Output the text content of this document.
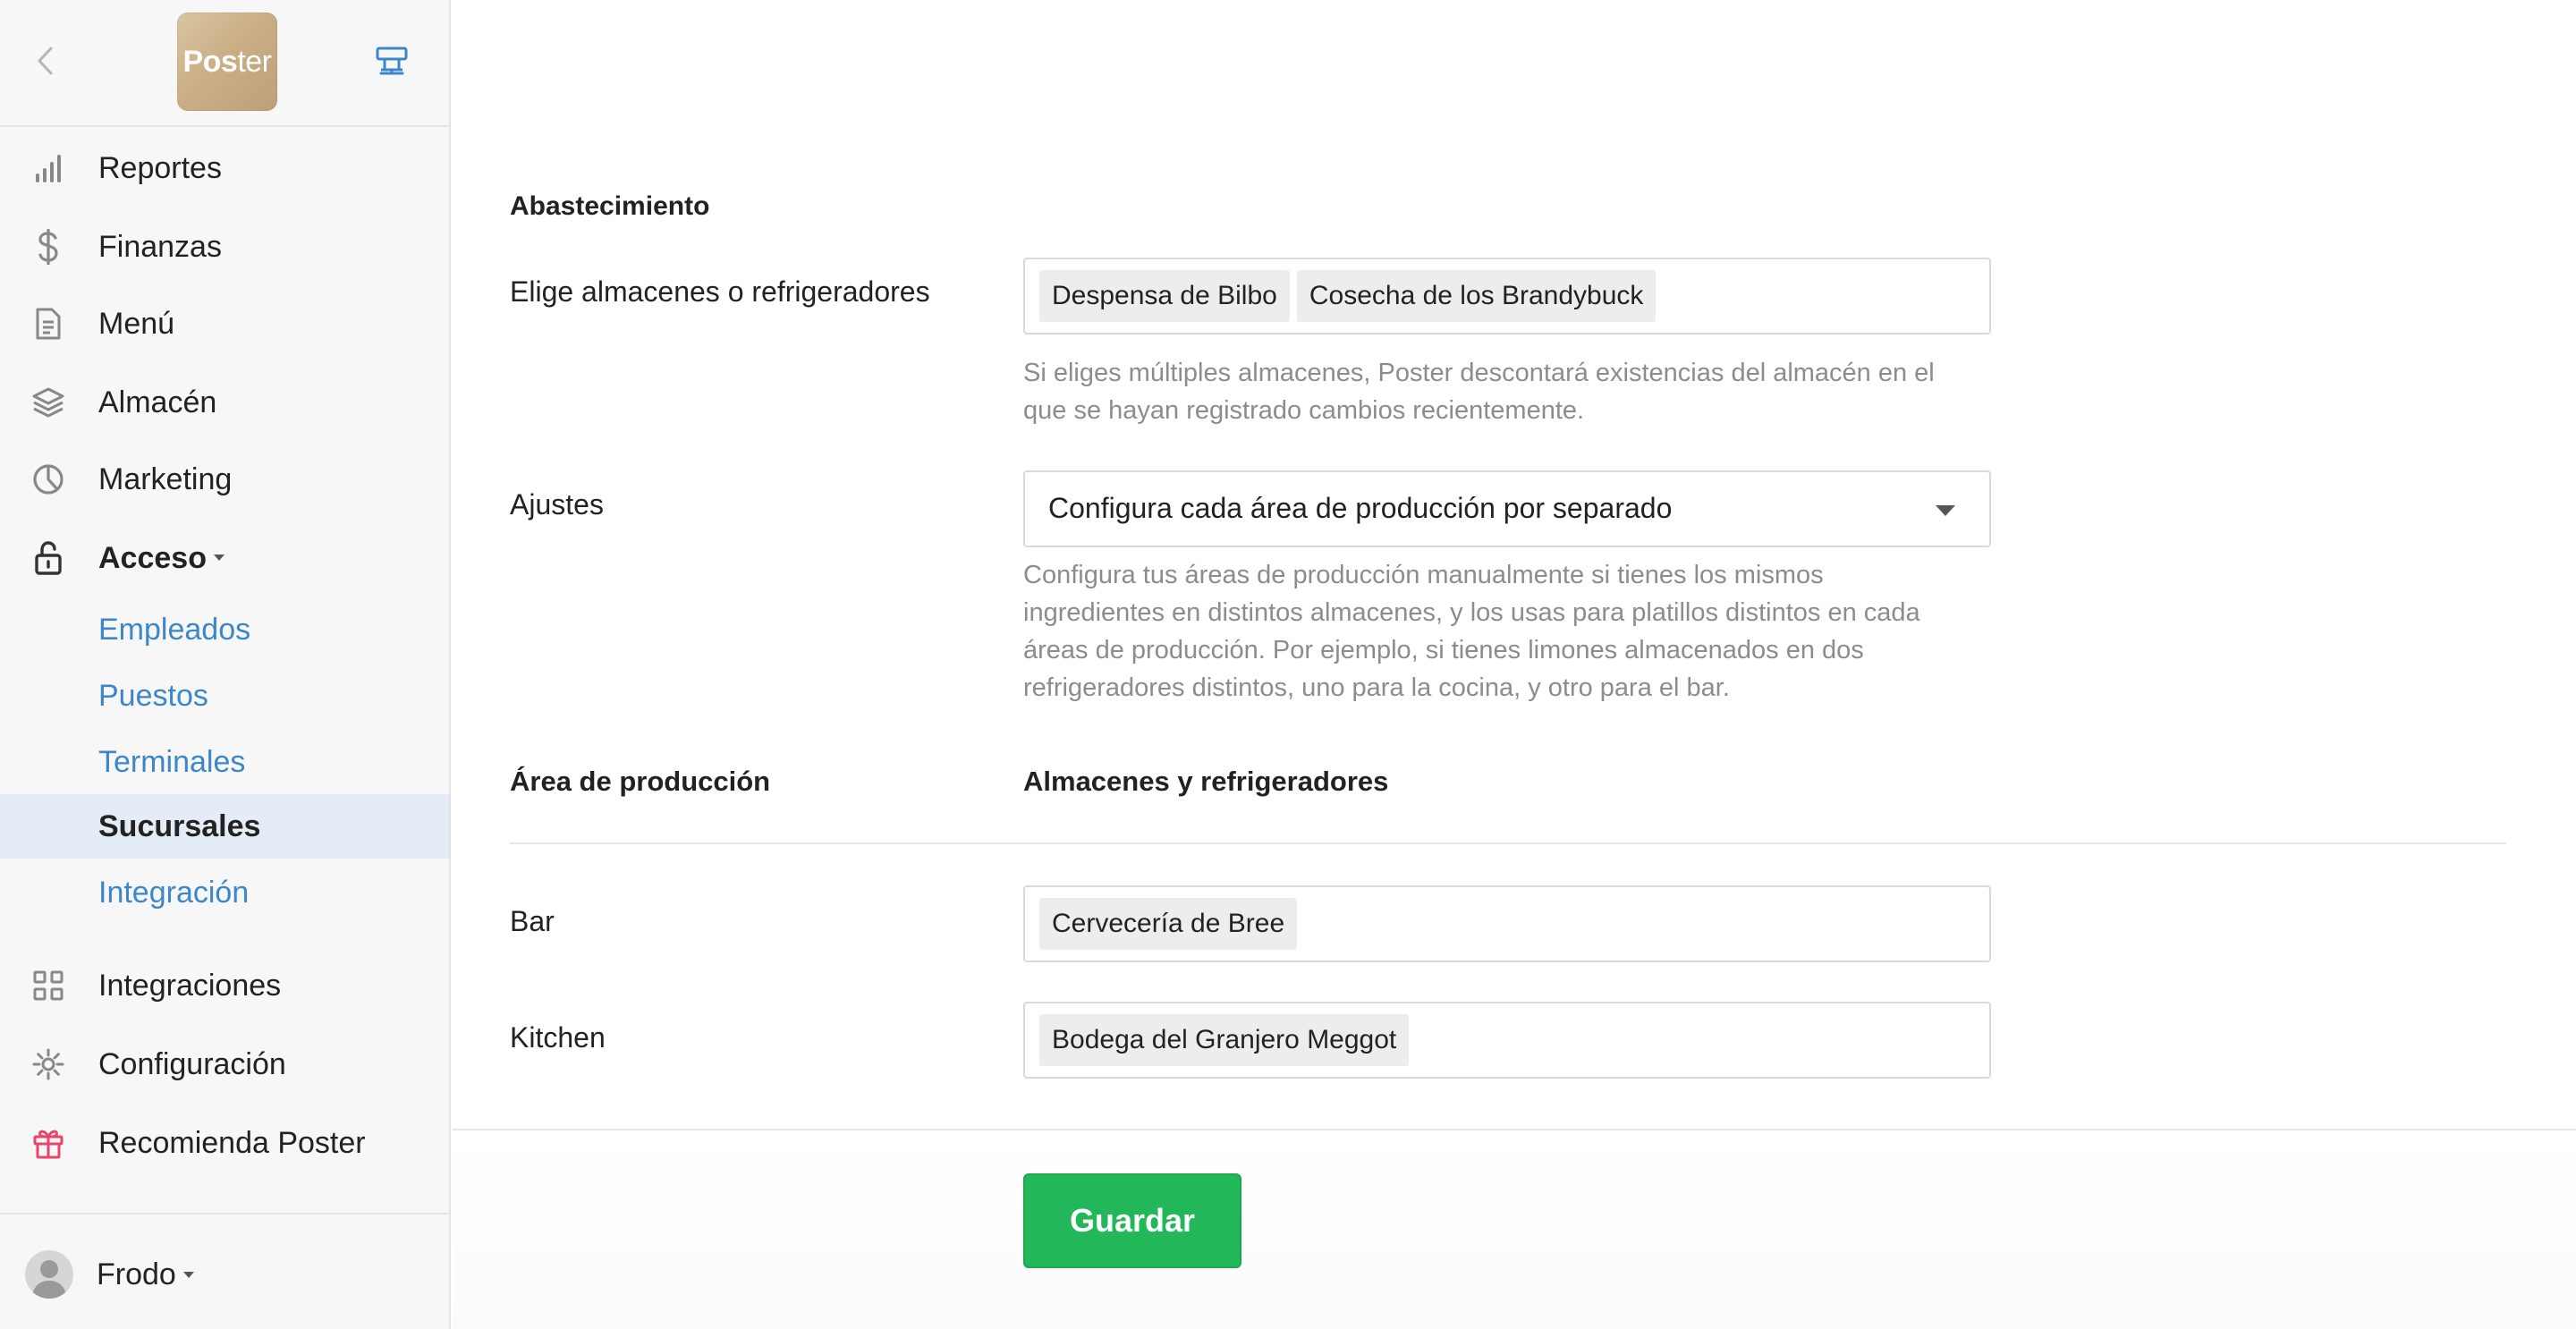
Poster
Reportes
Finanzas
Menú
Almacén
Marketing
Acceso
Empleados
Puestos
Terminales
Sucursales
Integración
Integraciones
Configuración
Recomienda Poster
Frodo
Abastecimiento
Elige almacenes o refrigeradores	Despensa de Bilbo	Cosecha de los Brandybuck
Si eliges múltiples almacenes, Poster descontará existencias del almacén en el
que se hayan registrado cambios recientemente.
Ajustes	Configura cada área de producción por separado
Configura tus áreas de producción manualmente si tienes los mismos
ingredientes en distintos almacenes, y los usas para platillos distintos en cada
áreas de producción. Por ejemplo, si tienes limones almacenados en dos
refrigeradores distintos, uno para la cocina, y otro para el bar.
Área de producción	Almacenes y refrigeradores
Bar	Cervecería de Bree
Kitchen	Bodega del Granjero Meggot
Guardar
